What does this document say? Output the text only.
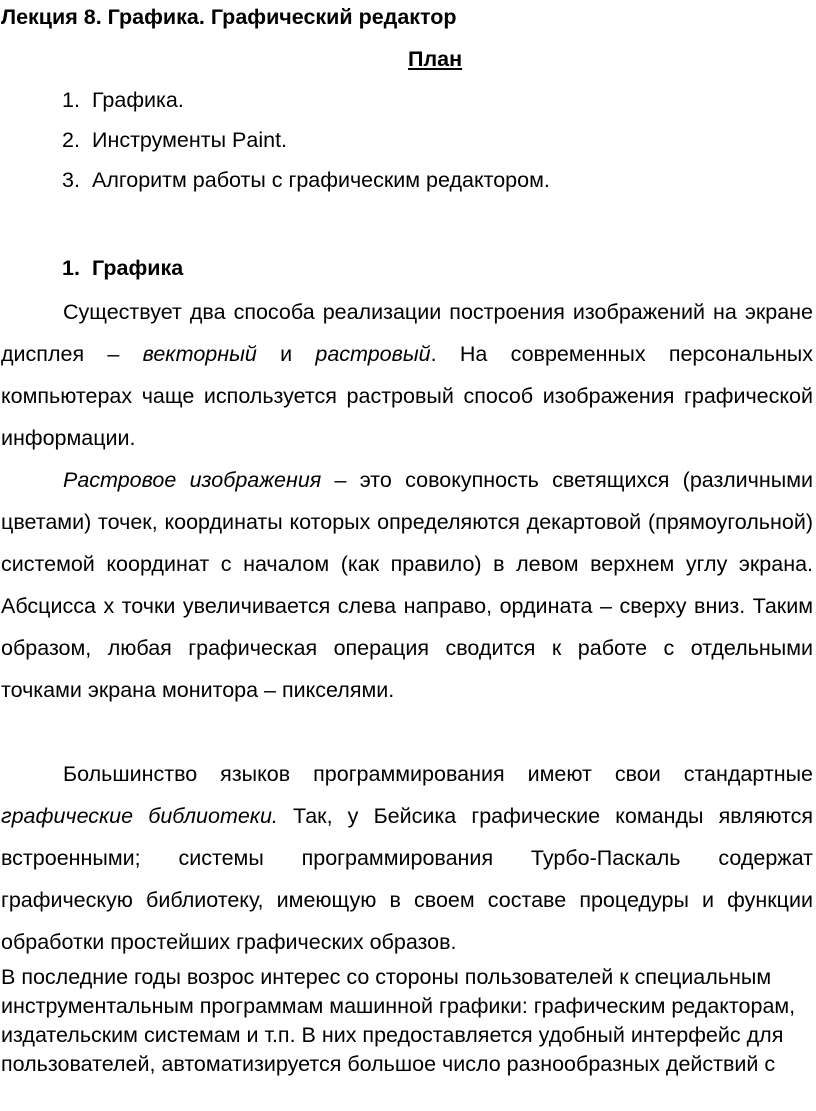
Лекция 8. Графика. Графический редактор
План
1. Графика.
2. Инструменты Paint.
3. Алгоритм работы с графическим редактором.
1. Графика

Существует два способа реализации построения изображений на экране дисплея – векторный и растровый. На современных персональных компьютерах чаще используется растровый способ изображения графической информации.

Растровое изображения – это совокупность светящихся (различными цветами) точек, координаты которых определяются декартовой (прямоугольной) системой координат с началом (как правило) в левом верхнем углу экрана. Абсцисса x точки увеличивается слева направо, ордината – сверху вниз. Таким образом, любая графическая операция сводится к работе с отдельными точками экрана монитора – пикселями.

Большинство языков программирования имеют свои стандартные графические библиотеки. Так, у Бейсика графические команды являются встроенными; системы программирования Турбо-Паскаль содержат графическую библиотеку, имеющую в своем составе процедуры и функции обработки простейших графических образов.

В последние годы возрос интерес со стороны пользователей к специальным инструментальным программам машинной графики: графическим редакторам, издательским системам и т.п. В них предоставляется удобный интерфейс для пользователей, автоматизируется большое число разнообразных действий с
